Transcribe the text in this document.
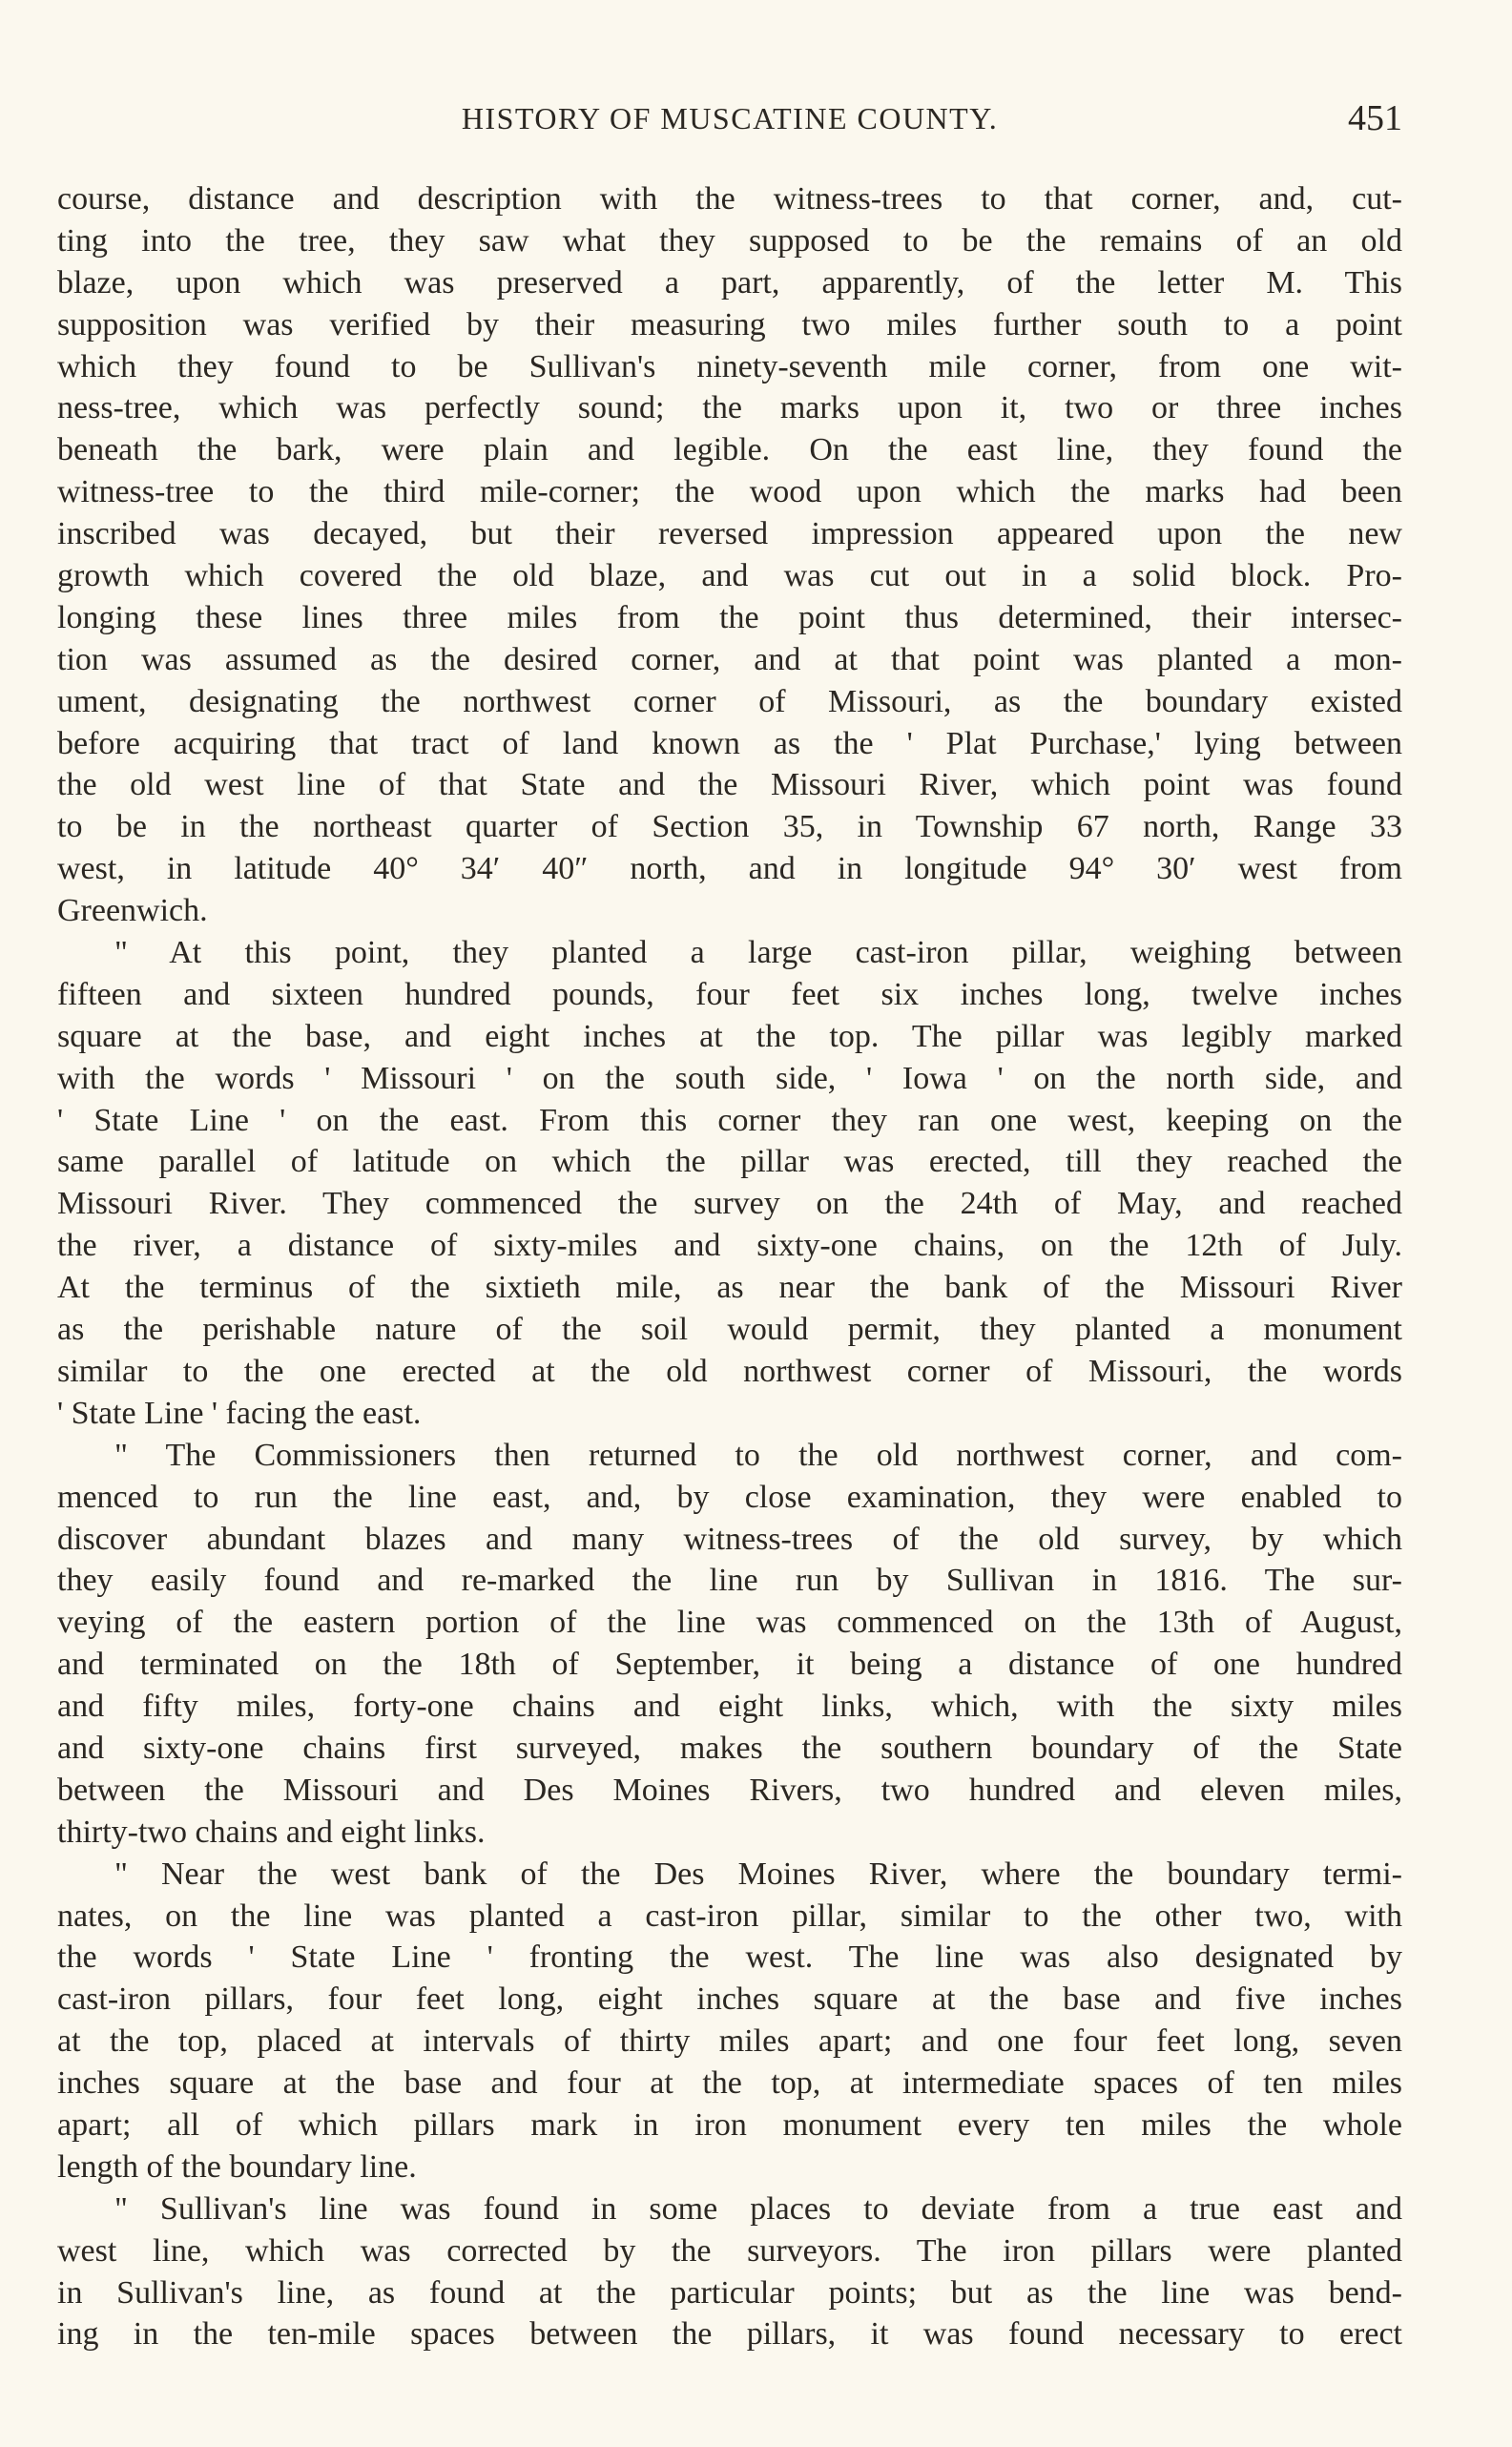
HISTORY OF MUSCATINE COUNTY.	451
course, distance and description with the witness-trees to that corner, and, cut-
ting into the tree, they saw what they supposed to be the remains of an old
blaze, upon which was preserved a part, apparently, of the letter M. This
supposition was verified by their measuring two miles further south to a point
which they found to be Sullivan's ninety-seventh mile corner, from one wit-
ness-tree, which was perfectly sound; the marks upon it, two or three inches
beneath the bark, were plain and legible. On the east line, they found the
witness-tree to the third mile-corner; the wood upon which the marks had been
inscribed was decayed, but their reversed impression appeared upon the new
growth which covered the old blaze, and was cut out in a solid block. Pro-
longing these lines three miles from the point thus determined, their intersec-
tion was assumed as the desired corner, and at that point was planted a mon-
ument, designating the northwest corner of Missouri, as the boundary existed
before acquiring that tract of land known as the ' Plat Purchase,' lying between
the old west line of that State and the Missouri River, which point was found
to be in the northeast quarter of Section 35, in Township 67 north, Range 33
west, in latitude 40° 34′ 40″ north, and in longitude 94° 30′ west from
Greenwich.
" At this point, they planted a large cast-iron pillar, weighing between
fifteen and sixteen hundred pounds, four feet six inches long, twelve inches
square at the base, and eight inches at the top. The pillar was legibly marked
with the words ' Missouri ' on the south side, ' Iowa ' on the north side, and
' State Line ' on the east. From this corner they ran one west, keeping on the
same parallel of latitude on which the pillar was erected, till they reached the
Missouri River. They commenced the survey on the 24th of May, and reached
the river, a distance of sixty-miles and sixty-one chains, on the 12th of July.
At the terminus of the sixtieth mile, as near the bank of the Missouri River
as the perishable nature of the soil would permit, they planted a monument
similar to the one erected at the old northwest corner of Missouri, the words
' State Line ' facing the east.
" The Commissioners then returned to the old northwest corner, and com-
menced to run the line east, and, by close examination, they were enabled to
discover abundant blazes and many witness-trees of the old survey, by which
they easily found and re-marked the line run by Sullivan in 1816. The sur-
veying of the eastern portion of the line was commenced on the 13th of August,
and terminated on the 18th of September, it being a distance of one hundred
and fifty miles, forty-one chains and eight links, which, with the sixty miles
and sixty-one chains first surveyed, makes the southern boundary of the State
between the Missouri and Des Moines Rivers, two hundred and eleven miles,
thirty-two chains and eight links.
" Near the west bank of the Des Moines River, where the boundary termi-
nates, on the line was planted a cast-iron pillar, similar to the other two, with
the words ' State Line ' fronting the west. The line was also designated by
cast-iron pillars, four feet long, eight inches square at the base and five inches
at the top, placed at intervals of thirty miles apart; and one four feet long, seven
inches square at the base and four at the top, at intermediate spaces of ten miles
apart; all of which pillars mark in iron monument every ten miles the whole
length of the boundary line.
" Sullivan's line was found in some places to deviate from a true east and
west line, which was corrected by the surveyors. The iron pillars were planted
in Sullivan's line, as found at the particular points; but as the line was bend-
ing in the ten-mile spaces between the pillars, it was found necessary to erect
